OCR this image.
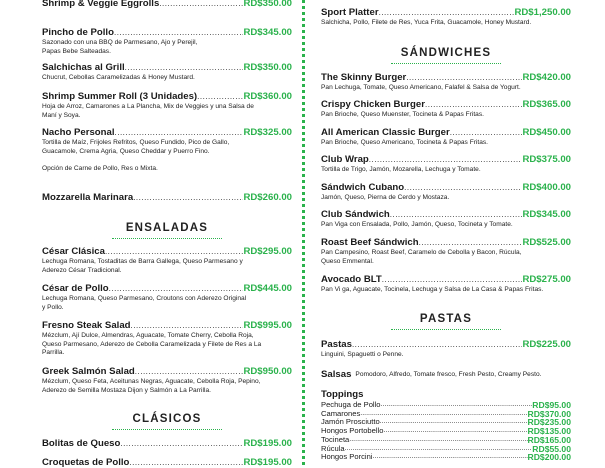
Shrimp & Veggie Eggrolls .....	RD$350.00
Pincho de Pollo .....	RD$345.00
Sazonado con una BBQ de Parmesano, Ajo y Perejil,
Papas Bebe Salteadas.
Salchichas al Grill .....	RD$350.00
Chucrut, Cebollas Caramelizadas & Honey Mustard.
Shrimp Summer Roll (3 Unidades) .....	RD$360.00
Hoja de Arroz, Camarones a La Plancha, Mix de Veggies y una Salsa de
Maní y Soya.
Nacho Personal .....	RD$325.00
Tortilla de Maíz, Frijoles Refritos, Queso Fundido, Pico de Gallo,
Guacamole, Crema Agria, Queso Cheddar y Puerro Fino.
Opción de Carne de Pollo, Res o Mixta.
Mozzarella Marinara .....	RD$260.00
ENSALADAS
César Clásica .....	RD$295.00
Lechuga Romana, Tostaditas de Barra Gallega, Queso Parmesano y
Aderezo César Tradicional.
César de Pollo .....	RD$445.00
Lechuga Romana, Queso Parmesano, Croutons con Aderezo Original
y Pollo.
Fresno Steak Salad .....	RD$995.00
Mézclum, Ají Dulce, Almendras, Aguacate, Tomate Cherry, Cebolla Roja,
Queso Parmesano, Aderezo de Cebolla Caramelizada y Filete de Res a La
Parrilla.
Greek Salmón Salad .....	RD$950.00
Mézclum, Queso Feta, Aceitunas Negras, Aguacate, Cebolla Roja, Pepino,
Aderezo de Semilla Mostaza Dijon y Salmón a La Parrilla.
CLÁSICOS
Bolitas de Queso .....	RD$195.00
Croquetas de Pollo .....	RD$195.00
Sport Platter .....	RD$1,250.00
Salchicha, Pollo, Filete de Res, Yuca Frita, Guacamole, Honey Mustard.
SÁNDWICHES
The Skinny Burger .....	RD$420.00
Pan Lechuga, Tomate, Queso Americano, Falafel & Salsa de Yogurt.
Crispy Chicken Burger .....	RD$365.00
Pan Brioche, Queso Muenster, Tocineta & Papas Fritas.
All American Classic Burger .....	RD$450.00
Pan Brioche, Queso Americano, Tocineta & Papas Fritas.
Club Wrap .....	RD$375.00
Tortilla de Trigo, Jamón, Mozarella, Lechuga y Tomate.
Sándwich Cubano .....	RD$400.00
Jamón, Queso, Pierna de Cerdo y Mostaza.
Club Sándwich .....	RD$345.00
Pan Viga con Ensalada, Pollo, Jamón, Queso, Tocineta y Tomate.
Roast Beef Sándwich .....	RD$525.00
Pan Campesino, Roast Beef, Caramelo de Cebolla y Bacon, Rúcula,
Queso Emmental.
Avocado BLT .....	RD$275.00
Pan Vi ga, Aguacate, Tocinela, Lechuga y Salsa de La Casa & Papas Fritas.
PASTAS
Pastas .....	RD$225.00
Linguini, Spaguetti o Penne.
Salsas Pomodoro, Alfredo, Tomate fresco, Fresh Pesto, Creamy Pesto.
Toppings
Pechuga de Pollo .....	RD$95.00
Camarones .....	RD$370.00
Jamón Prosciutto .....	RD$235.00
Hongos Portobello .....	RD$135.00
Tocineta .....	RD$165.00
Rúcula .....	RD$55.00
Hongos Porcini .....	RD$200.00
